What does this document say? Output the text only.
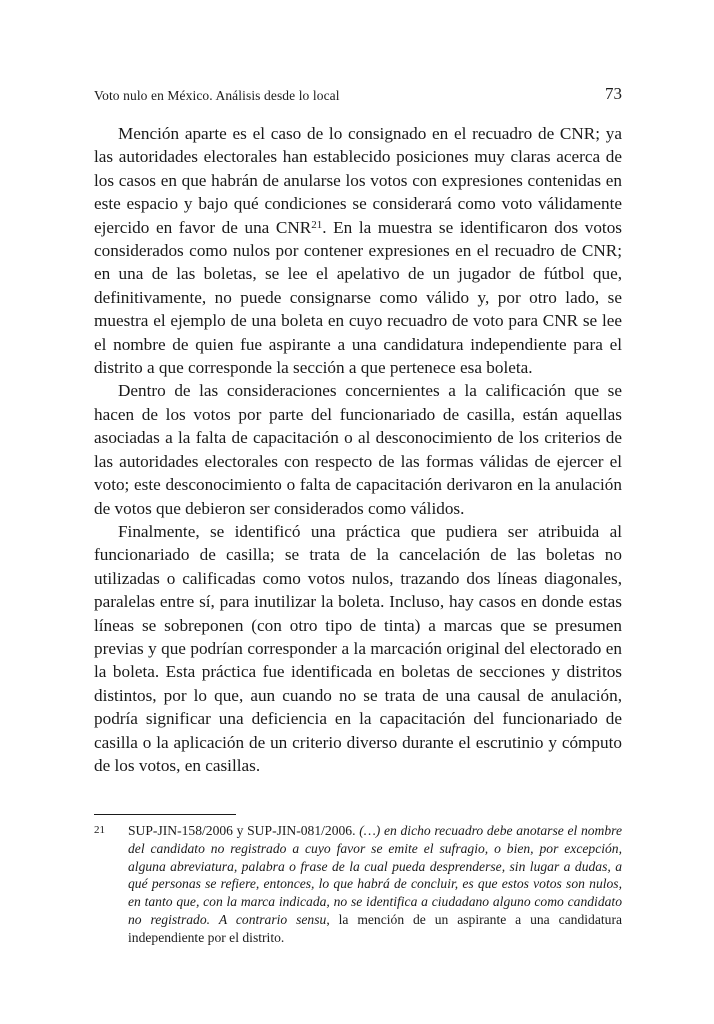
Voto nulo en México. Análisis desde lo local	73

Mención aparte es el caso de lo consignado en el recuadro de CNR; ya las autoridades electorales han establecido posiciones muy claras acerca de los casos en que habrán de anularse los votos con expresiones contenidas en este espacio y bajo qué condiciones se considerará como voto válidamente ejercido en favor de una CNR$^{21}$. En la muestra se identificaron dos votos considerados como nulos por contener expresiones en el recuadro de CNR; en una de las boletas, se lee el apelativo de un jugador de fútbol que, definitivamente, no puede consignarse como válido y, por otro lado, se muestra el ejemplo de una boleta en cuyo recuadro de voto para CNR se lee el nombre de quien fue aspirante a una candidatura independiente para el distrito a que corresponde la sección a que pertenece esa boleta.

Dentro de las consideraciones concernientes a la calificación que se hacen de los votos por parte del funcionariado de casilla, están aquellas asociadas a la falta de capacitación o al desconocimiento de los criterios de las autoridades electorales con respecto de las formas válidas de ejercer el voto; este desconocimiento o falta de capacitación derivaron en la anulación de votos que debieron ser considerados como válidos.

Finalmente, se identificó una práctica que pudiera ser atribuida al funcionariado de casilla; se trata de la cancelación de las boletas no utilizadas o calificadas como votos nulos, trazando dos líneas diagonales, paralelas entre sí, para inutilizar la boleta. Incluso, hay casos en donde estas líneas se sobreponen (con otro tipo de tinta) a marcas que se presumen previas y que podrían corresponder a la marcación original del electorado en la boleta. Esta práctica fue identificada en boletas de secciones y distritos distintos, por lo que, aun cuando no se trata de una causal de anulación, podría significar una deficiencia en la capacitación del funcionariado de casilla o la aplicación de un criterio diverso durante el escrutinio y cómputo de los votos, en casillas.

21 SUP-JIN-158/2006 y SUP-JIN-081/2006. (…) en dicho recuadro debe anotarse el nombre del candidato no registrado a cuyo favor se emite el sufragio, o bien, por excepción, alguna abreviatura, palabra o frase de la cual pueda desprenderse, sin lugar a dudas, a qué personas se refiere, entonces, lo que habrá de concluir, es que estos votos son nulos, en tanto que, con la marca indicada, no se identifica a ciudadano alguno como candidato no registrado. A contrario sensu, la mención de un aspirante a una candidatura independiente por el distrito.
